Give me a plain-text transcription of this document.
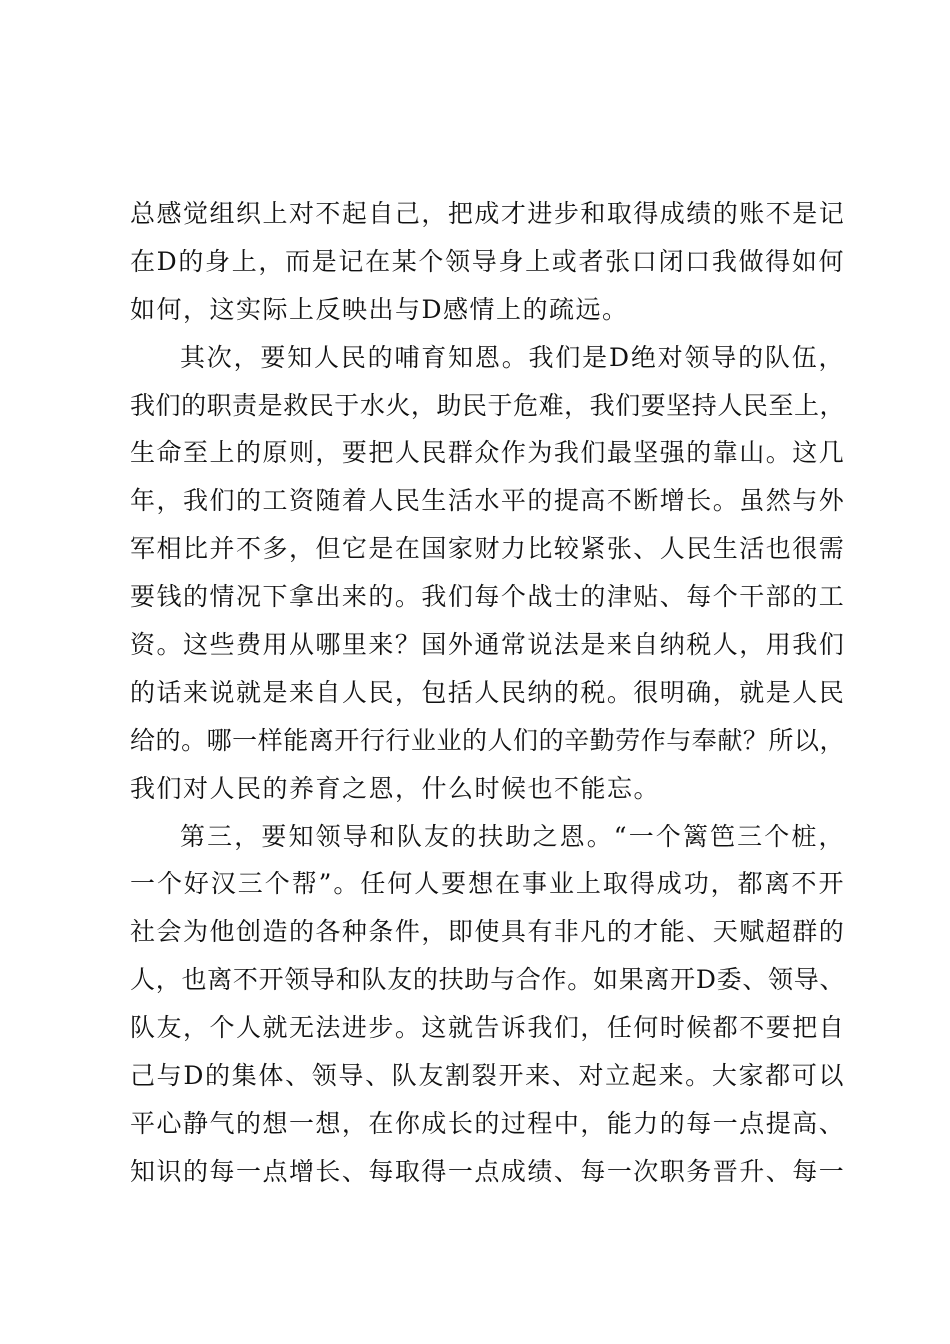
总感觉组织上对不起自己，把成才进步和取得成绩的账不是记
在D的身上，而是记在某个领导身上或者张口闭口我做得如何
如何，这实际上反映出与D感情上的疏远。
其次，要知人民的哺育知恩。我们是D绝对领导的队伍，
我们的职责是救民于水火，助民于危难，我们要坚持人民至上，
生命至上的原则，要把人民群众作为我们最坚强的靠山。这几
年，我们的工资随着人民生活水平的提高不断增长。虽然与外
军相比并不多，但它是在国家财力比较紧张、人民生活也很需
要钱的情况下拿出来的。我们每个战士的津贴、每个干部的工
资。这些费用从哪里来？国外通常说法是来自纳税人，用我们
的话来说就是来自人民，包括人民纳的税。很明确，就是人民
给的。哪一样能离开行行业业的人们的辛勤劳作与奉献？所以，
我们对人民的养育之恩，什么时候也不能忘。
第三，要知领导和队友的扶助之恩。“一个篱笆三个桩，
一个好汉三个帮”。任何人要想在事业上取得成功，都离不开
社会为他创造的各种条件，即使具有非凡的才能、天赋超群的
人，也离不开领导和队友的扶助与合作。如果离开D委、领导、
队友，个人就无法进步。这就告诉我们，任何时候都不要把自
己与D的集体、领导、队友割裂开来、对立起来。大家都可以
平心静气的想一想，在你成长的过程中，能力的每一点提高、
知识的每一点增长、每取得一点成绩、每一次职务晋升、每一
